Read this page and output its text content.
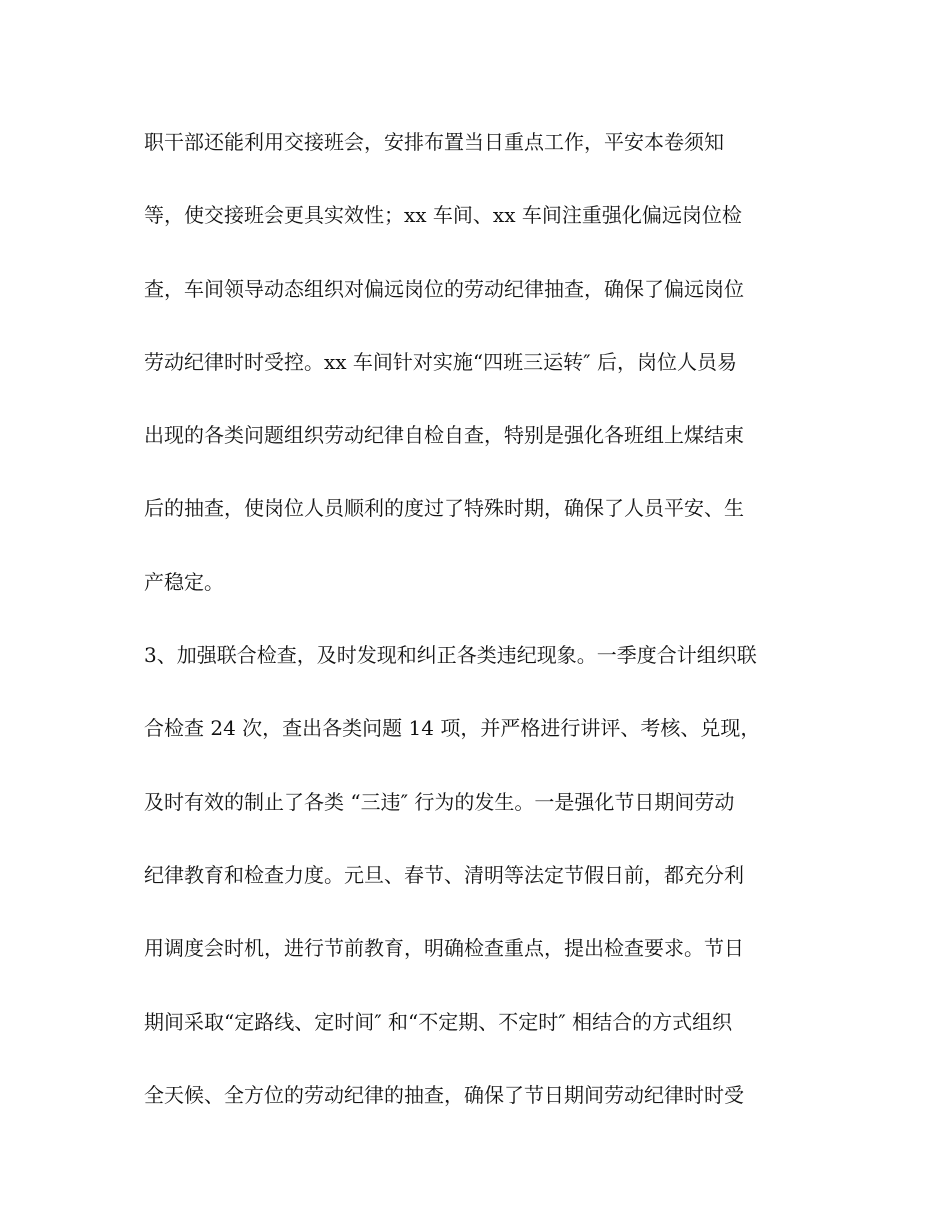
职干部还能利用交接班会，安排布置当日重点工作，平安本卷须知
等，使交接班会更具实效性；xx 车间、xx 车间注重强化偏远岗位检
查，车间领导动态组织对偏远岗位的劳动纪律抽查，确保了偏远岗位
劳动纪律时时受控。xx 车间针对实施“四班三运转″ 后，岗位人员易
出现的各类问题组织劳动纪律自检自查，特别是强化各班组上煤结束
后的抽查，使岗位人员顺利的度过了特殊时期，确保了人员平安、生
产稳定。
3、加强联合检查，及时发现和纠正各类违纪现象。一季度合计组织联
合检查 24 次，查出各类问题 14 项，并严格进行讲评、考核、兑现，
及时有效的制止了各类 “三违″ 行为的发生。一是强化节日期间劳动
纪律教育和检查力度。元旦、春节、清明等法定节假日前，都充分利
用调度会时机，进行节前教育，明确检查重点，提出检查要求。节日
期间采取“定路线、定时间″ 和“不定期、不定时″ 相结合的方式组织
全天候、全方位的劳动纪律的抽查，确保了节日期间劳动纪律时时受
